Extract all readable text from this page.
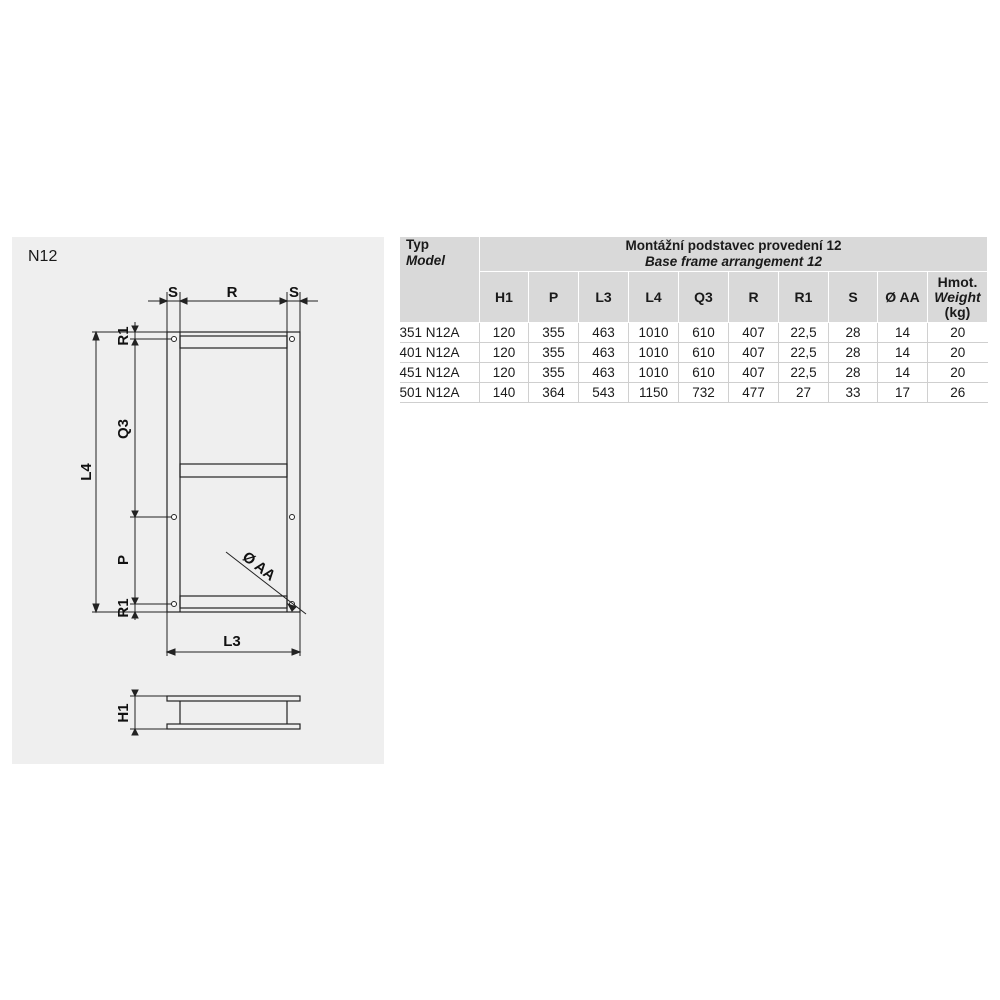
N12
S	R	S
R1
Q3
L4
P
R1
Ø AA
L3
H1
Typ
Model	Montážní podstavec provedení 12
Base frame arrangement 12									
	H1	P	L3	L4	Q3	R	R1	S	Ø AA	Hmot.
Weight
(kg)
351 N12A	120	355	463	1010	610	407	22,5	28	14	20
401 N12A	120	355	463	1010	610	407	22,5	28	14	20
451 N12A	120	355	463	1010	610	407	22,5	28	14	20
501 N12A	140	364	543	1150	732	477	27	33	17	26
